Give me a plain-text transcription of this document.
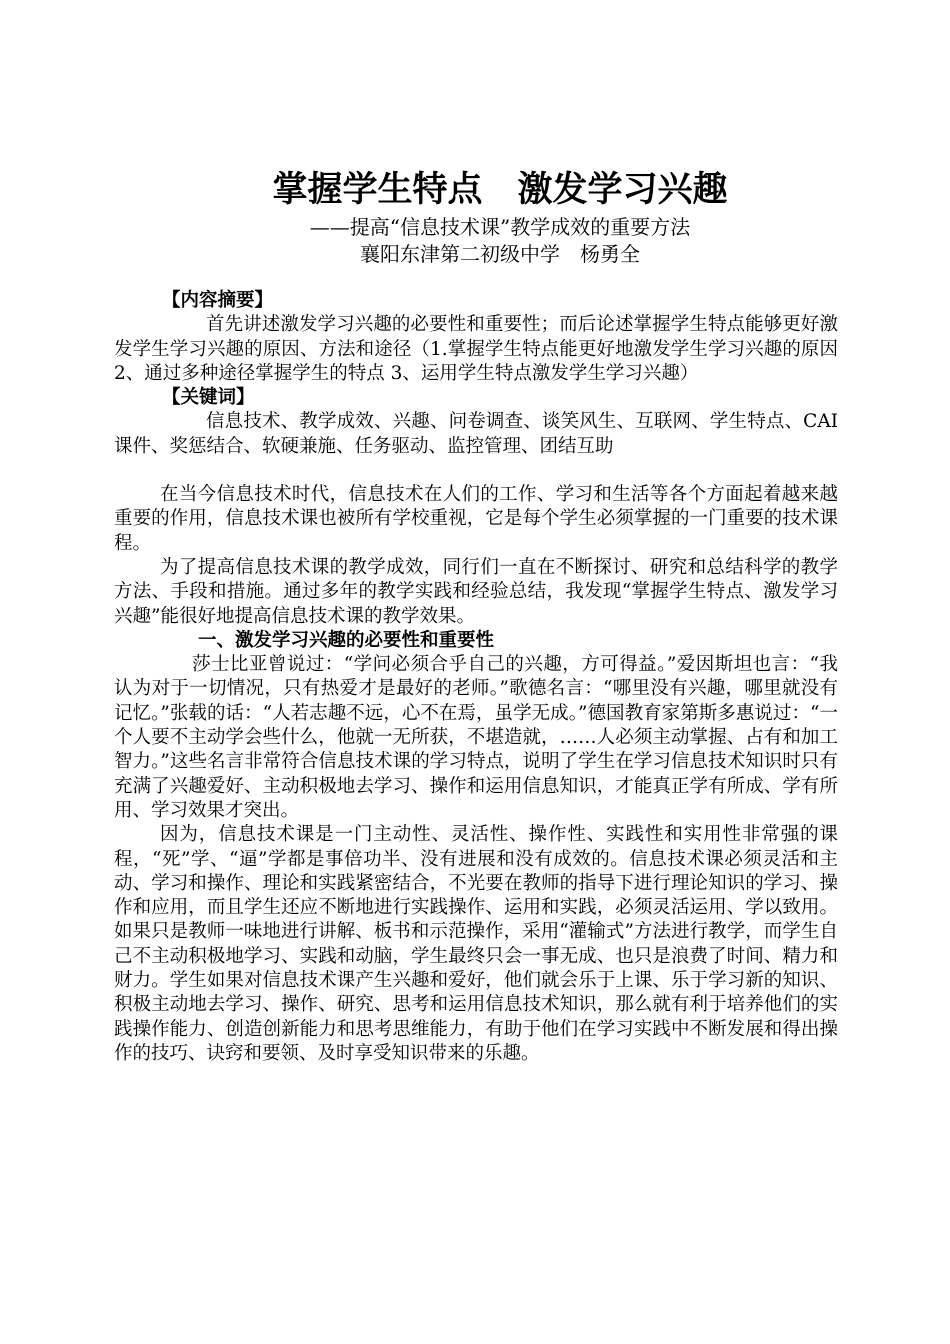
掌握学生特点　激发学习兴趣
——提高“信息技术课”教学成效的重要方法
襄阳东津第二初级中学　杨勇全

【内容摘要】

首先讲述激发学习兴趣的必要性和重要性；而后论述掌握学生特点能够更好激发学生学习兴趣的原因、方法和途径（1.掌握学生特点能更好地激发学生学习兴趣的原因 2、通过多种途径掌握学生的特点 3、运用学生特点激发学生学习兴趣）

【关键词】

信息技术、教学成效、兴趣、问卷调查、谈笑风生、互联网、学生特点、CAI 课件、奖惩结合、软硬兼施、任务驱动、监控管理、团结互助

在当今信息技术时代，信息技术在人们的工作、学习和生活等各个方面起着越来越重要的作用，信息技术课也被所有学校重视，它是每个学生必须掌握的一门重要的技术课程。

为了提高信息技术课的教学成效，同行们一直在不断探讨、研究和总结科学的教学方法、手段和措施。通过多年的教学实践和经验总结，我发现“掌握学生特点、激发学习兴趣”能很好地提高信息技术课的教学效果。

一、激发学习兴趣的必要性和重要性

莎士比亚曾说过：“学问必须合乎自己的兴趣，方可得益。”爱因斯坦也言：“我认为对于一切情况，只有热爱才是最好的老师。”歌德名言：“哪里没有兴趣，哪里就没有记忆。”张载的话：“人若志趣不远，心不在焉，虽学无成。”德国教育家第斯多惠说过：“一个人要不主动学会些什么，他就一无所获，不堪造就，……人必须主动掌握、占有和加工智力。”这些名言非常符合信息技术课的学习特点，说明了学生在学习信息技术知识时只有充满了兴趣爱好、主动积极地去学习、操作和运用信息知识，才能真正学有所成、学有所用、学习效果才突出。

因为，信息技术课是一门主动性、灵活性、操作性、实践性和实用性非常强的课程，“死”学、“逼”学都是事倍功半、没有进展和没有成效的。信息技术课必须灵活和主动、学习和操作、理论和实践紧密结合，不光要在教师的指导下进行理论知识的学习、操作和应用，而且学生还应不断地进行实践操作、运用和实践，必须灵活运用、学以致用。如果只是教师一味地进行讲解、板书和示范操作，采用“灌输式”方法进行教学，而学生自己不主动积极地学习、实践和动脑，学生最终只会一事无成、也只是浪费了时间、精力和财力。学生如果对信息技术课产生兴趣和爱好，他们就会乐于上课、乐于学习新的知识、积极主动地去学习、操作、研究、思考和运用信息技术知识，那么就有利于培养他们的实践操作能力、创造创新能力和思考思维能力，有助于他们在学习实践中不断发展和得出操作的技巧、诀窍和要领、及时享受知识带来的乐趣。
